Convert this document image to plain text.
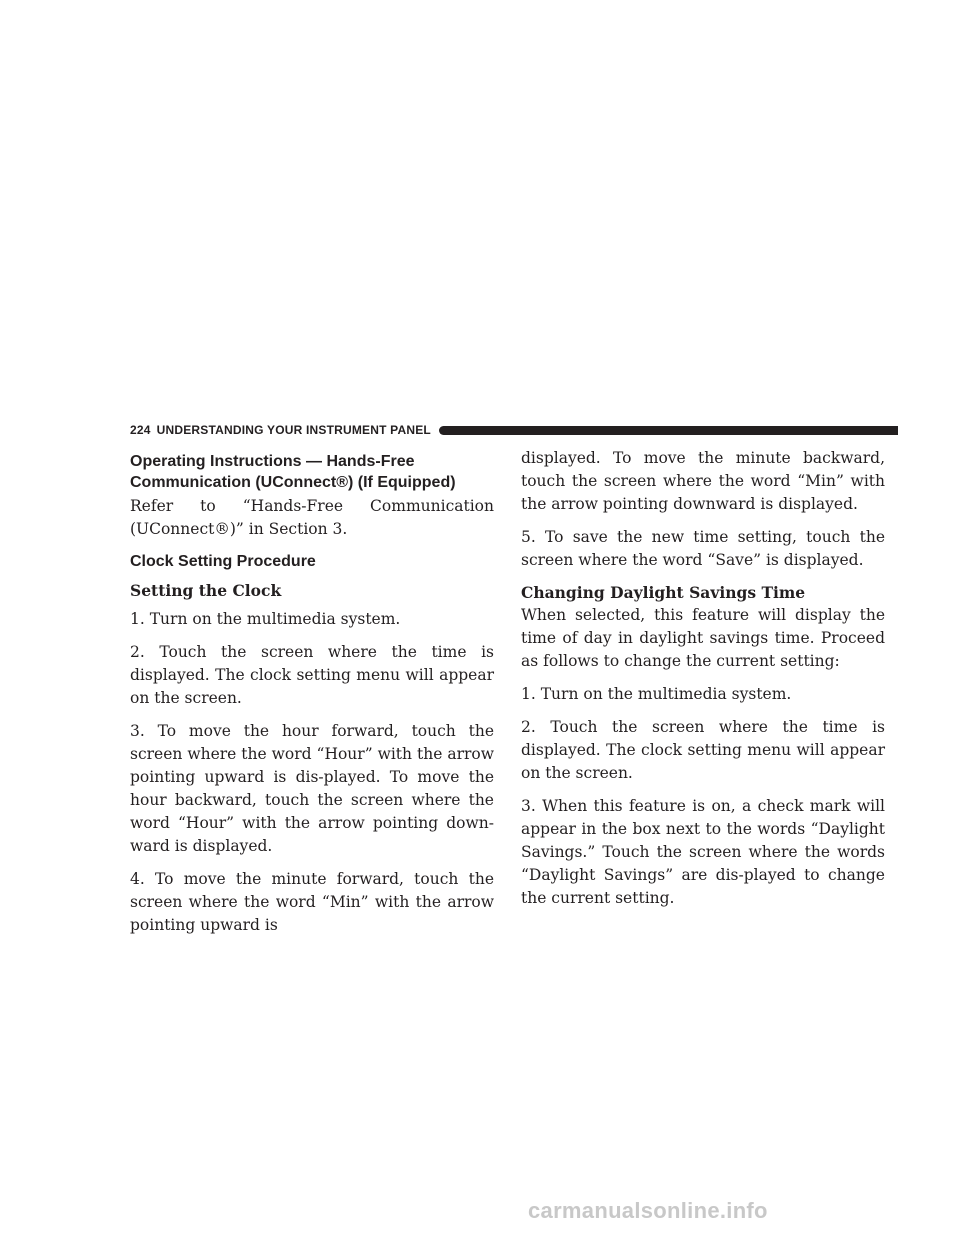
224 UNDERSTANDING YOUR INSTRUMENT PANEL
Operating Instructions — Hands-Free Communication (UConnect®) (If Equipped)

Refer to “Hands-Free Communication (UConnect®)” in Section 3.

Clock Setting Procedure
Setting the Clock

1. Turn on the multimedia system.

2. Touch the screen where the time is displayed. The clock setting menu will appear on the screen.

3. To move the hour forward, touch the screen where the word “Hour” with the arrow pointing upward is dis-played. To move the hour backward, touch the screen where the word “Hour” with the arrow pointing down-ward is displayed.

4. To move the minute forward, touch the screen where the word “Min” with the arrow pointing upward is

displayed. To move the minute backward, touch the screen where the word “Min” with the arrow pointing downward is displayed.

5. To save the new time setting, touch the screen where the word “Save” is displayed.

Changing Daylight Savings Time

When selected, this feature will display the time of day in daylight savings time. Proceed as follows to change the current setting:

1. Turn on the multimedia system.

2. Touch the screen where the time is displayed. The clock setting menu will appear on the screen.

3. When this feature is on, a check mark will appear in the box next to the words “Daylight Savings.” Touch the screen where the words “Daylight Savings” are dis-played to change the current setting.

carmanualsonline.info
